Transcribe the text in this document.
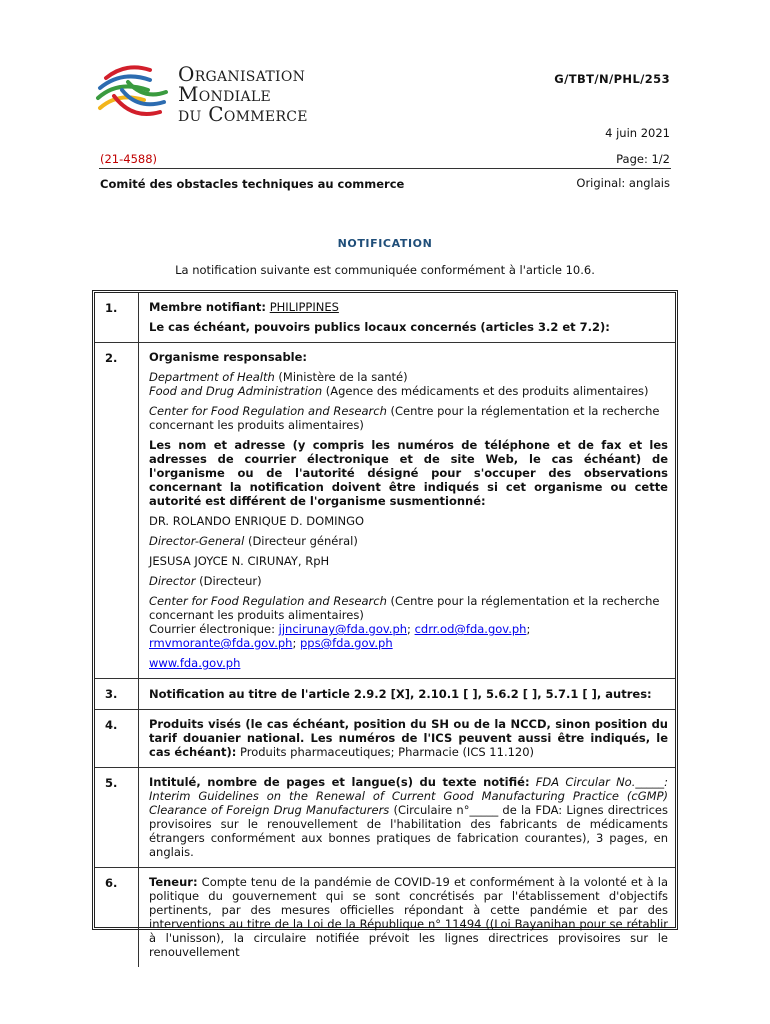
Organisation
Mondiale
du Commerce
G/TBT/N/PHL/253
4 juin 2021
(21-4588)	Page: 1/2
Comité des obstacles techniques au commerce	Original: anglais
NOTIFICATION
La notification suivante est communiquée conformément à l'article 10.6.
1.	Membre notifiant: PHILIPPINES

Le cas échéant, pouvoirs publics locaux concernés (articles 3.2 et 7.2):

2.	Organisme responsable:

Department of Health (Ministère de la santé)
Food and Drug Administration (Agence des médicaments et des produits alimentaires)

Center for Food Regulation and Research (Centre pour la réglementation et la recherche concernant les produits alimentaires)

Les nom et adresse (y compris les numéros de téléphone et de fax et les adresses de courrier électronique et de site Web, le cas échéant) de l'organisme ou de l'autorité désigné pour s'occuper des observations concernant la notification doivent être indiqués si cet organisme ou cette autorité est différent de l'organisme susmentionné:

DR. ROLANDO ENRIQUE D. DOMINGO

Director-General (Directeur général)

JESUSA JOYCE N. CIRUNAY, RpH

Director (Directeur)

Center for Food Regulation and Research (Centre pour la réglementation et la recherche concernant les produits alimentaires)
Courrier électronique: jjncirunay@fda.gov.ph; cdrr.od@fda.gov.ph;
rmvmorante@fda.gov.ph; pps@fda.gov.ph

www.fda.gov.ph

3.	Notification au titre de l'article 2.9.2 [X], 2.10.1 [ ], 5.6.2 [ ], 5.7.1 [ ], autres:

4.	Produits visés (le cas échéant, position du SH ou de la NCCD, sinon position du tarif douanier national. Les numéros de l'ICS peuvent aussi être indiqués, le cas échéant): Produits pharmaceutiques; Pharmacie (ICS 11.120)

5.	Intitulé, nombre de pages et langue(s) du texte notifié: FDA Circular No._____: Interim Guidelines on the Renewal of Current Good Manufacturing Practice (cGMP) Clearance of Foreign Drug Manufacturers (Circulaire n°_____ de la FDA: Lignes directrices provisoires sur le renouvellement de l'habilitation des fabricants de médicaments étrangers conformément aux bonnes pratiques de fabrication courantes), 3 pages, en anglais.

6.	Teneur: Compte tenu de la pandémie de COVID-19 et conformément à la volonté et à la politique du gouvernement qui se sont concrétisés par l'établissement d'objectifs pertinents, par des mesures officielles répondant à cette pandémie et par des interventions au titre de la Loi de la République n° 11494 ((Loi Bayanihan pour se rétablir à l'unisson), la circulaire notifiée prévoit les lignes directrices provisoires sur le renouvellement
